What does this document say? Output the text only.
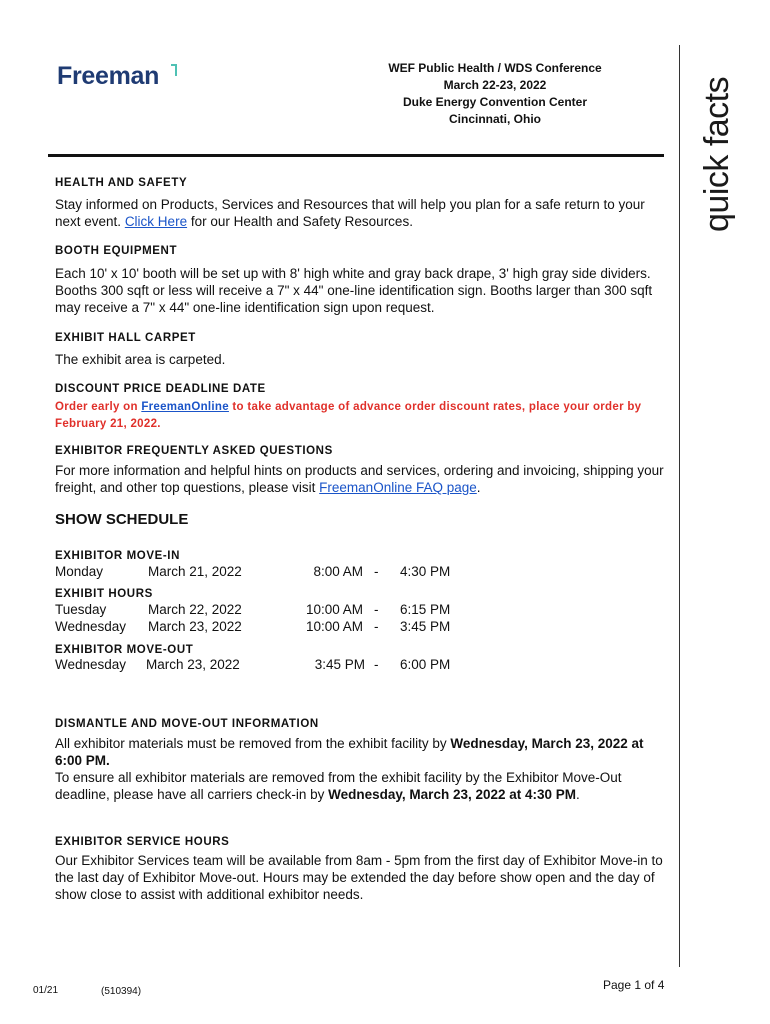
Freeman	WEF Public Health / WDS Conference
March 22-23, 2022
Duke Energy Convention Center
Cincinnati, Ohio	quick facts
HEALTH AND SAFETY
Stay informed on Products, Services and Resources that will help you plan for a safe return to your next event. Click Here for our Health and Safety Resources.
BOOTH EQUIPMENT
Each 10' x 10' booth will be set up with 8' high white and gray back drape, 3' high gray side dividers. Booths 300 sqft or less will receive a 7" x 44" one-line identification sign. Booths larger than 300 sqft may receive a 7" x 44" one-line identification sign upon request.
EXHIBIT HALL CARPET
The exhibit area is carpeted.
DISCOUNT PRICE DEADLINE DATE
Order early on FreemanOnline to take advantage of advance order discount rates, place your order by February 21, 2022.
EXHIBITOR FREQUENTLY ASKED QUESTIONS
For more information and helpful hints on products and services, ordering and invoicing, shipping your freight, and other top questions, please visit FreemanOnline FAQ page.
SHOW SCHEDULE
EXHIBITOR MOVE-IN
Monday	March 21, 2022	8:00 AM - 4:30 PM
EXHIBIT HOURS
Tuesday	March 22, 2022	10:00 AM - 6:15 PM
Wednesday March 23, 2022	10:00 AM - 3:45 PM
EXHIBITOR MOVE-OUT
Wednesday March 23, 2022	3:45 PM - 6:00 PM
DISMANTLE AND MOVE-OUT INFORMATION
All exhibitor materials must be removed from the exhibit facility by Wednesday, March 23, 2022 at 6:00 PM.
To ensure all exhibitor materials are removed from the exhibit facility by the Exhibitor Move-Out deadline, please have all carriers check-in by Wednesday, March 23, 2022 at 4:30 PM.
EXHIBITOR SERVICE HOURS
Our Exhibitor Services team will be available from 8am - 5pm from the first day of Exhibitor Move-in to the last day of Exhibitor Move-out. Hours may be extended the day before show open and the day of show close to assist with additional exhibitor needs.
01/21	(510394)	Page 1 of 4
